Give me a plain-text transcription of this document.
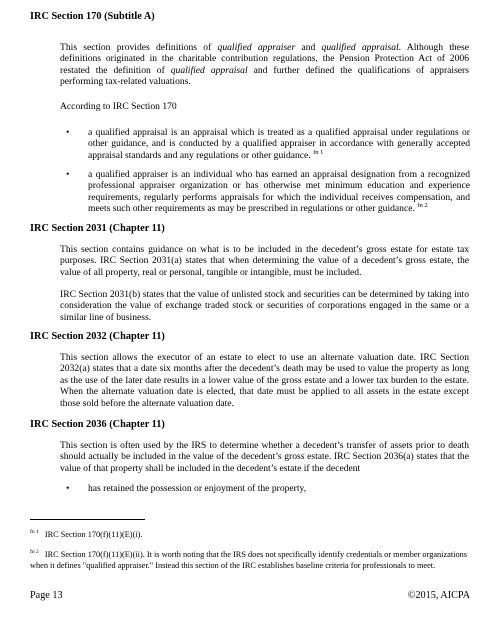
IRC Section 170 (Subtitle A)

This section provides definitions of qualified appraiser and qualified appraisal. Although these definitions originated in the charitable contribution regulations, the Pension Protection Act of 2006 restated the definition of qualified appraisal and further defined the qualifications of appraisers performing tax-related valuations.

According to IRC Section 170

• a qualified appraisal is an appraisal which is treated as a qualified appraisal under regulations or other guidance, and is conducted by a qualified appraiser in accordance with generally accepted appraisal standards and any regulations or other guidance. $^{fn 1}$

• a qualified appraiser is an individual who has earned an appraisal designation from a recognized professional appraiser organization or has otherwise met minimum education and experience requirements, regularly performs appraisals for which the individual receives compensation, and meets such other requirements as may be prescribed in regulations or other guidance. $^{fn 2}$

IRC Section 2031 (Chapter 11)

This section contains guidance on what is to be included in the decedent’s gross estate for estate tax purposes. IRC Section 2031(a) states that when determining the value of a decedent’s gross estate, the value of all property, real or personal, tangible or intangible, must be included.

IRC Section 2031(b) states that the value of unlisted stock and securities can be determined by taking into consideration the value of exchange traded stock or securities of corporations engaged in the same or a similar line of business.

IRC Section 2032 (Chapter 11)

This section allows the executor of an estate to elect to use an alternate valuation date. IRC Section 2032(a) states that a date six months after the decedent’s death may be used to value the property as long as the use of the later date results in a lower value of the gross estate and a lower tax burden to the estate. When the alternate valuation date is elected, that date must be applied to all assets in the estate except those sold before the alternate valuation date.

IRC Section 2036 (Chapter 11)

This section is often used by the IRS to determine whether a decedent’s transfer of assets prior to death should actually be included in the value of the decedent’s gross estate. IRC Section 2036(a) states that the value of that property shall be included in the decedent’s estate if the decedent

• has retained the possession or enjoyment of the property,

$^{fn 1}$ IRC Section 170(f)(11)(E)(i).

$^{fn 2}$ IRC Section 170(f)(11)(E)(ii). It is worth noting that the IRS does not specifically identify credentials or member organizations when it defines "qualified appraiser." Instead this section of the IRC establishes baseline criteria for professionals to meet.

Page 13	©2015, AICPA
